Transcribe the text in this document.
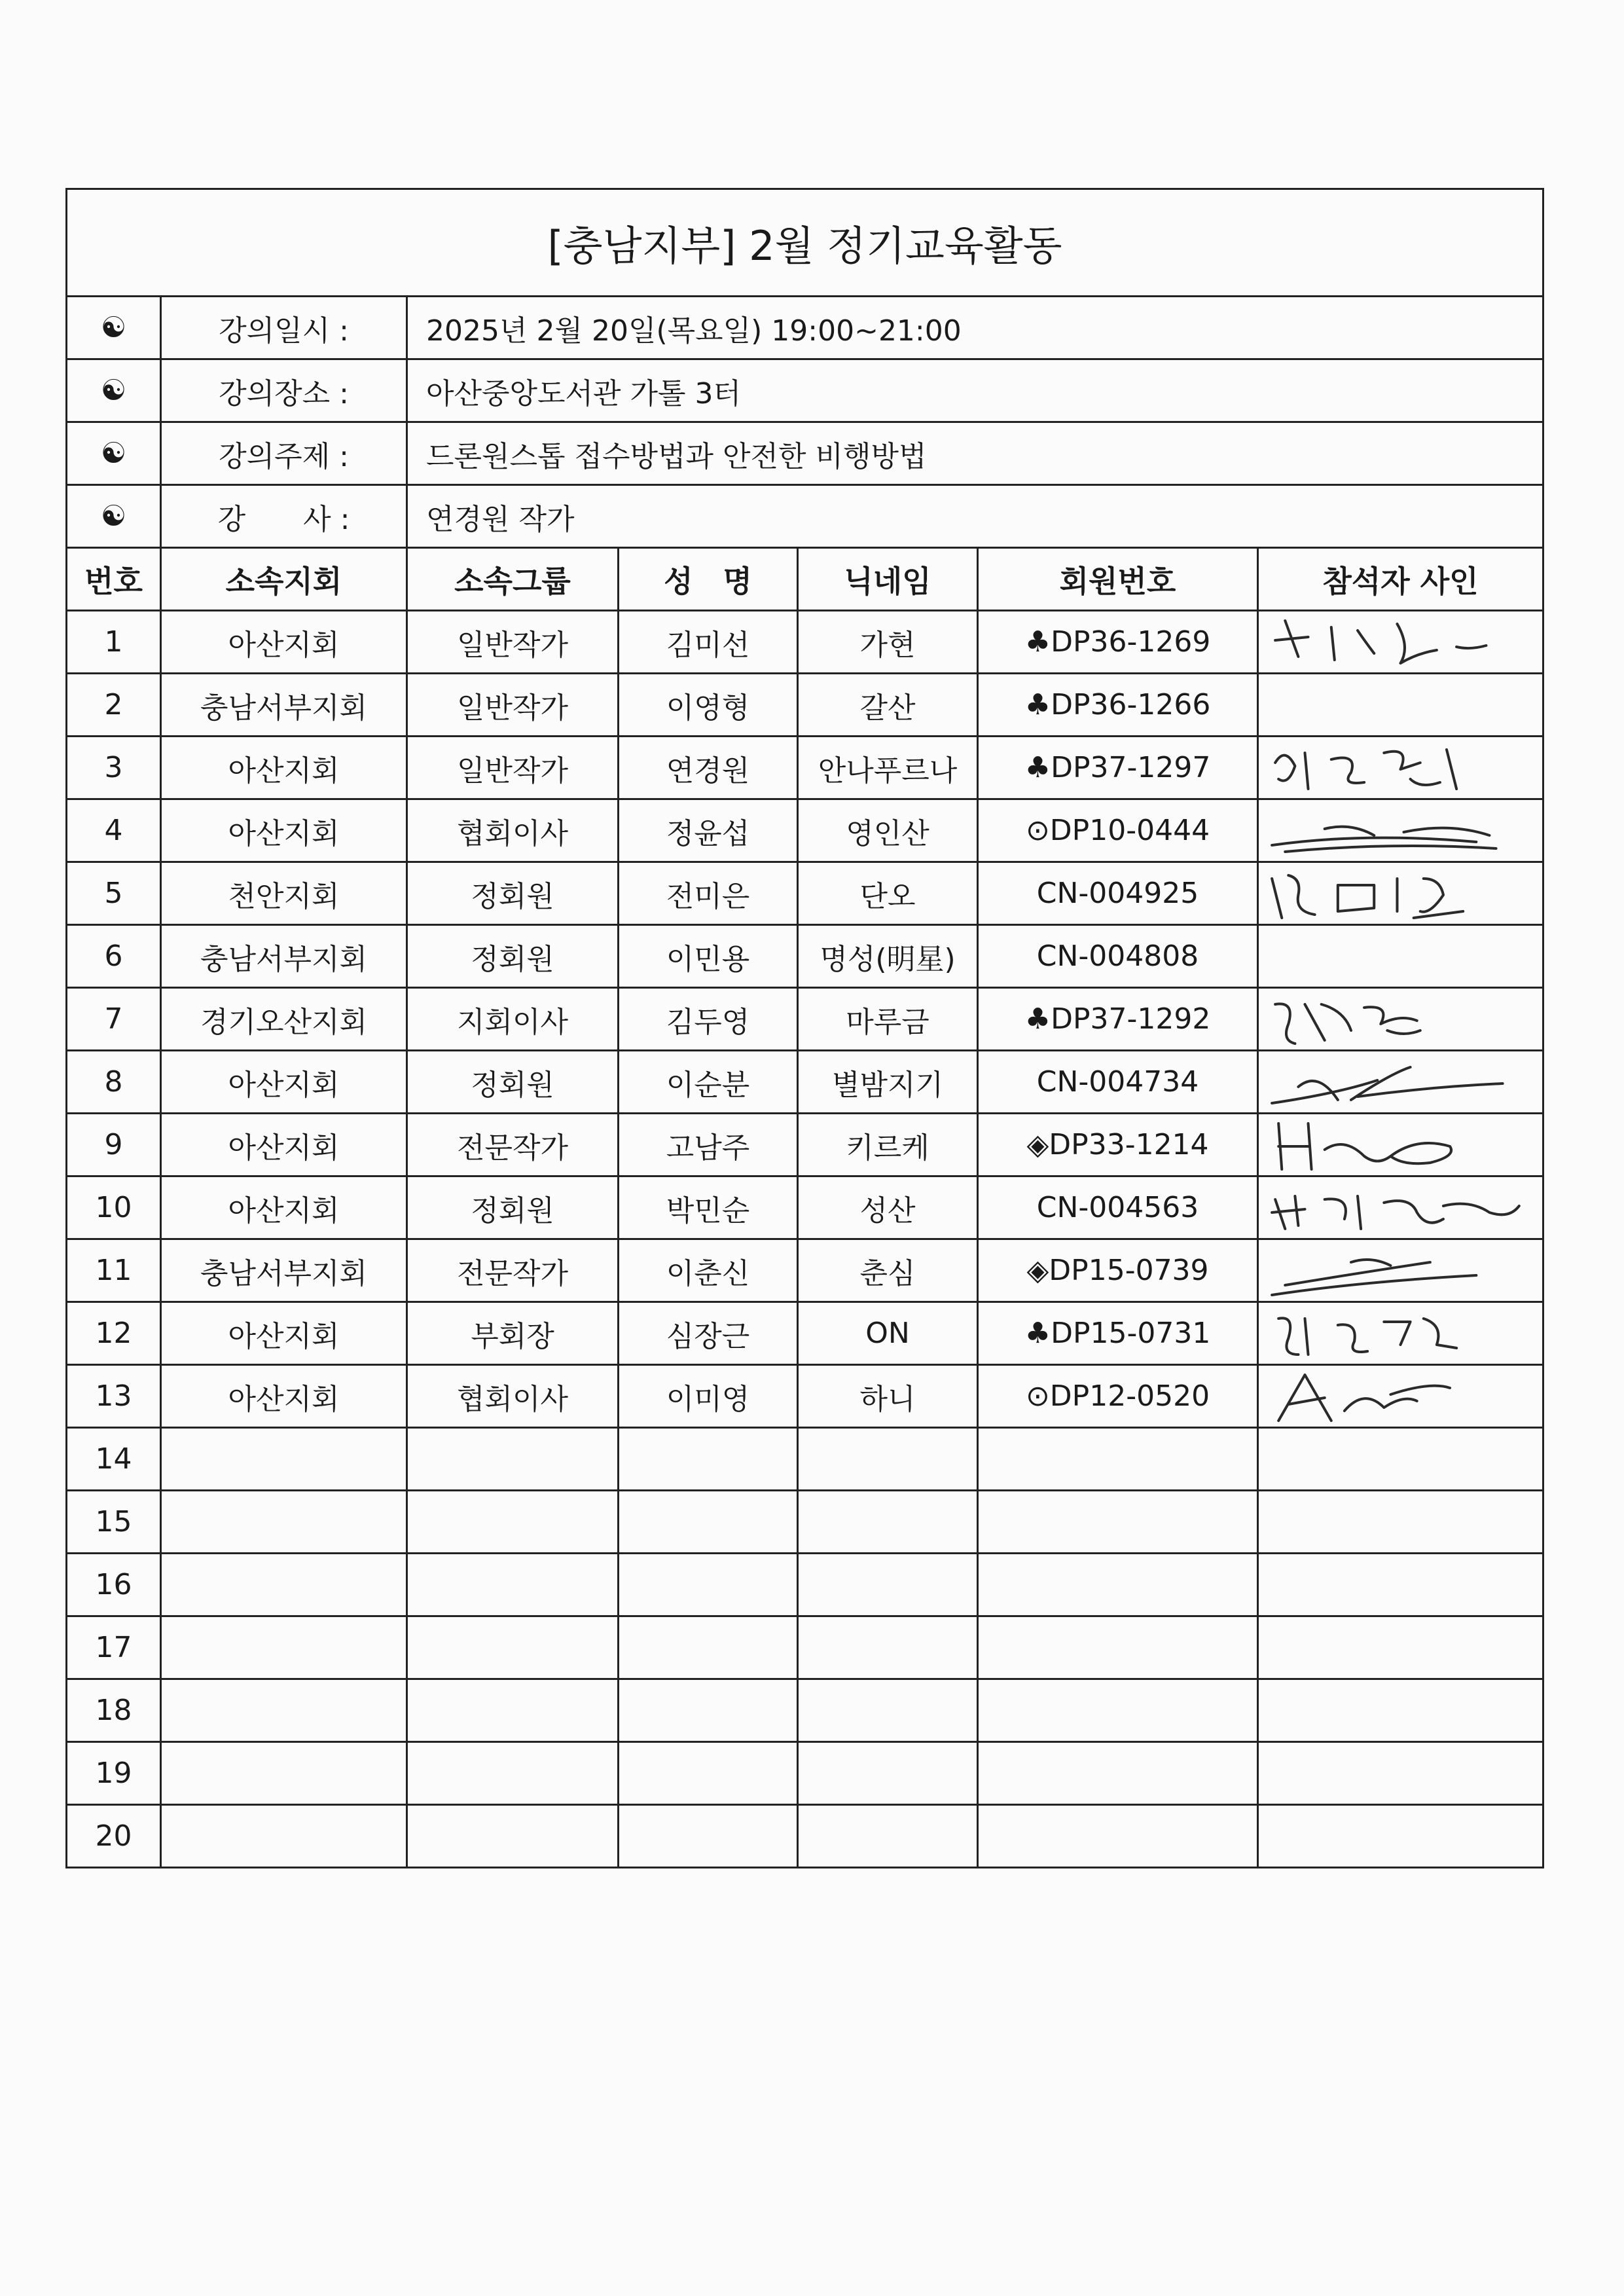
[충남지부] 2월 정기교육활동						
☯	강의일시 :	2025년 2월 20일(목요일) 19:00~21:00				
☯	강의장소 :	아산중앙도서관 가톨 3터				
☯	강의주제 :	드론원스톱 접수방법과 안전한 비행방법				
☯	강　　사 :	연경원 작가				
번호	소속지회	소속그룹	성　명	닉네임	회원번호	참석자 사인
1	아산지회	일반작가	김미선	가현	♣DP36-1269	

2	충남서부지회	일반작가	이영형	갈산	♣DP36-1266	
3	아산지회	일반작가	연경원	안나푸르나	♣DP37-1297	

4	아산지회	협회이사	정윤섭	영인산	⊙DP10-0444	

5	천안지회	정회원	전미은	단오	CN-004925	

6	충남서부지회	정회원	이민용	명성(明星)	CN-004808	
7	경기오산지회	지회이사	김두영	마루금	♣DP37-1292	

8	아산지회	정회원	이순분	별밤지기	CN-004734	

9	아산지회	전문작가	고남주	키르케	◈DP33-1214	

10	아산지회	정회원	박민순	성산	CN-004563	

11	충남서부지회	전문작가	이춘신	춘심	◈DP15-0739	

12	아산지회	부회장	심장근	ON	♣DP15-0731	

13	아산지회	협회이사	이미영	하니	⊙DP12-0520	

14						
15						
16						
17						
18						
19						
20						
